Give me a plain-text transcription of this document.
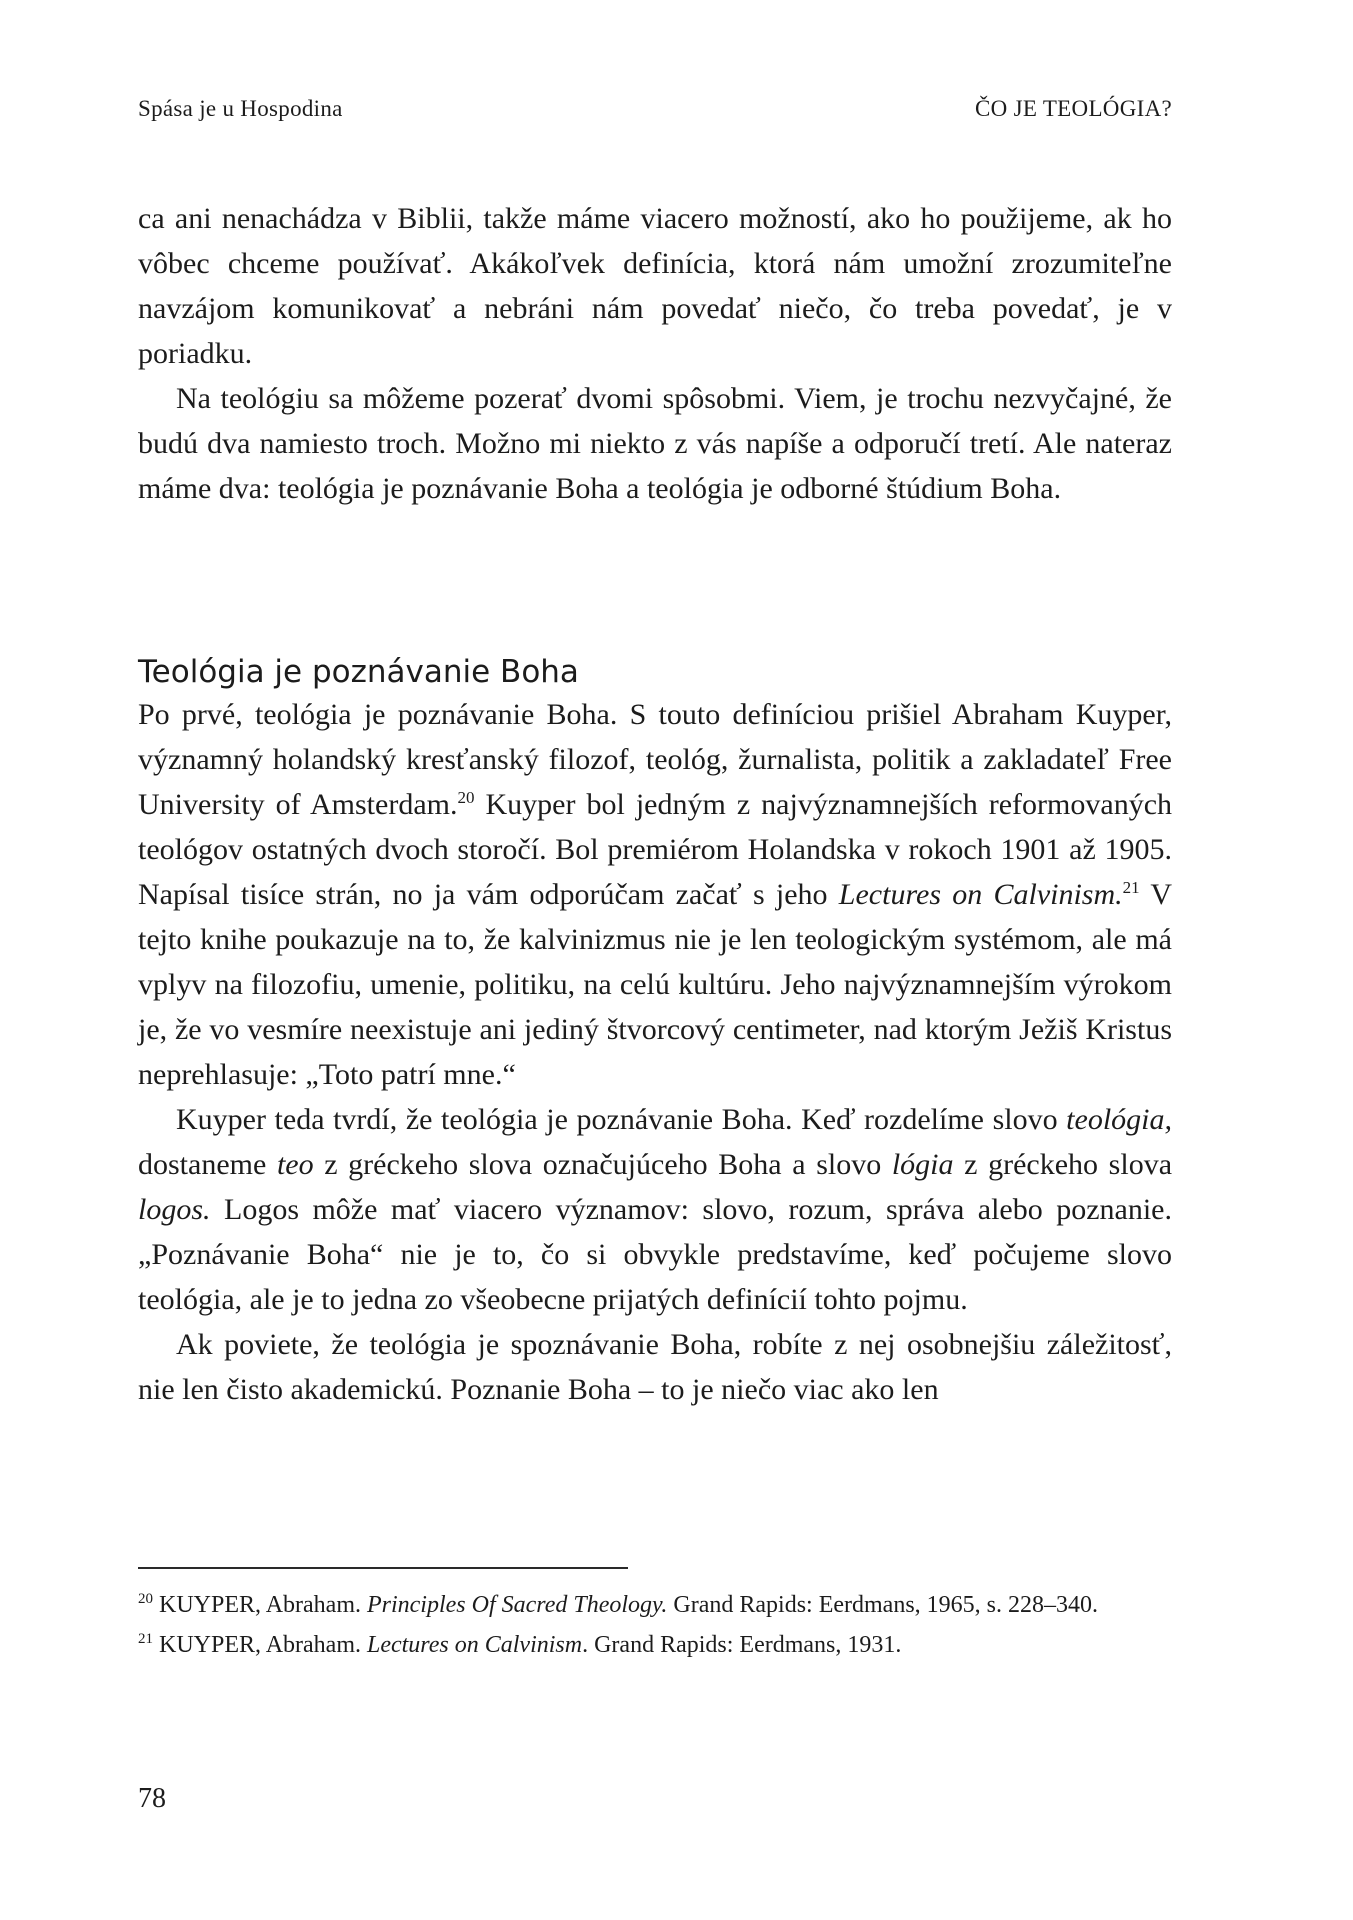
Spása je u Hospodina	ČO JE TEOLÓGIA?

ca ani nenachádza v Biblii, takže máme viacero možností, ako ho použijeme, ak ho vôbec chceme používať. Akákoľvek definícia, ktorá nám umožní zrozumiteľne navzájom komunikovať a nebráni nám povedať niečo, čo treba povedať, je v poriadku.

Na teológiu sa môžeme pozerať dvomi spôsobmi. Viem, je trochu nezvyčajné, že budú dva namiesto troch. Možno mi niekto z vás napíše a odporučí tretí. Ale nateraz máme dva: teológia je poznávanie Boha a teológia je odborné štúdium Boha.

Teológia je poznávanie Boha

Po prvé, teológia je poznávanie Boha. S touto definíciou prišiel Abraham Kuyper, významný holandský kresťanský filozof, teológ, žurnalista, politik a zakladateľ Free University of Amsterdam.$^{20}$ Kuyper bol jedným z najvýznamnejších reformovaných teológov ostatných dvoch storočí. Bol premiérom Holandska v rokoch 1901 až 1905. Napísal tisíce strán, no ja vám odporúčam začať s jeho Lectures on Calvinism.$^{21}$ V tejto knihe poukazuje na to, že kalvinizmus nie je len teologickým systémom, ale má vplyv na filozofiu, umenie, politiku, na celú kultúru. Jeho najvýznamnejším výrokom je, že vo vesmíre neexistuje ani jediný štvorcový centimeter, nad ktorým Ježiš Kristus neprehlasuje: „Toto patrí mne.“

Kuyper teda tvrdí, že teológia je poznávanie Boha. Keď rozdelíme slovo teológia, dostaneme teo z gréckeho slova označujúceho Boha a slovo lógia z gréckeho slova logos. Logos môže mať viacero významov: slovo, rozum, správa alebo poznanie. „Poznávanie Boha“ nie je to, čo si obvykle predstavíme, keď počujeme slovo teológia, ale je to jedna zo všeobecne prijatých definícií tohto pojmu.

Ak poviete, že teológia je spoznávanie Boha, robíte z nej osobnejšiu záležitosť, nie len čisto akademickú. Poznanie Boha – to je niečo viac ako len

$^{20}$ KUYPER, Abraham. Principles Of Sacred Theology. Grand Rapids: Eerdmans, 1965, s. 228–340.

$^{21}$ KUYPER, Abraham. Lectures on Calvinism. Grand Rapids: Eerdmans, 1931.

78
